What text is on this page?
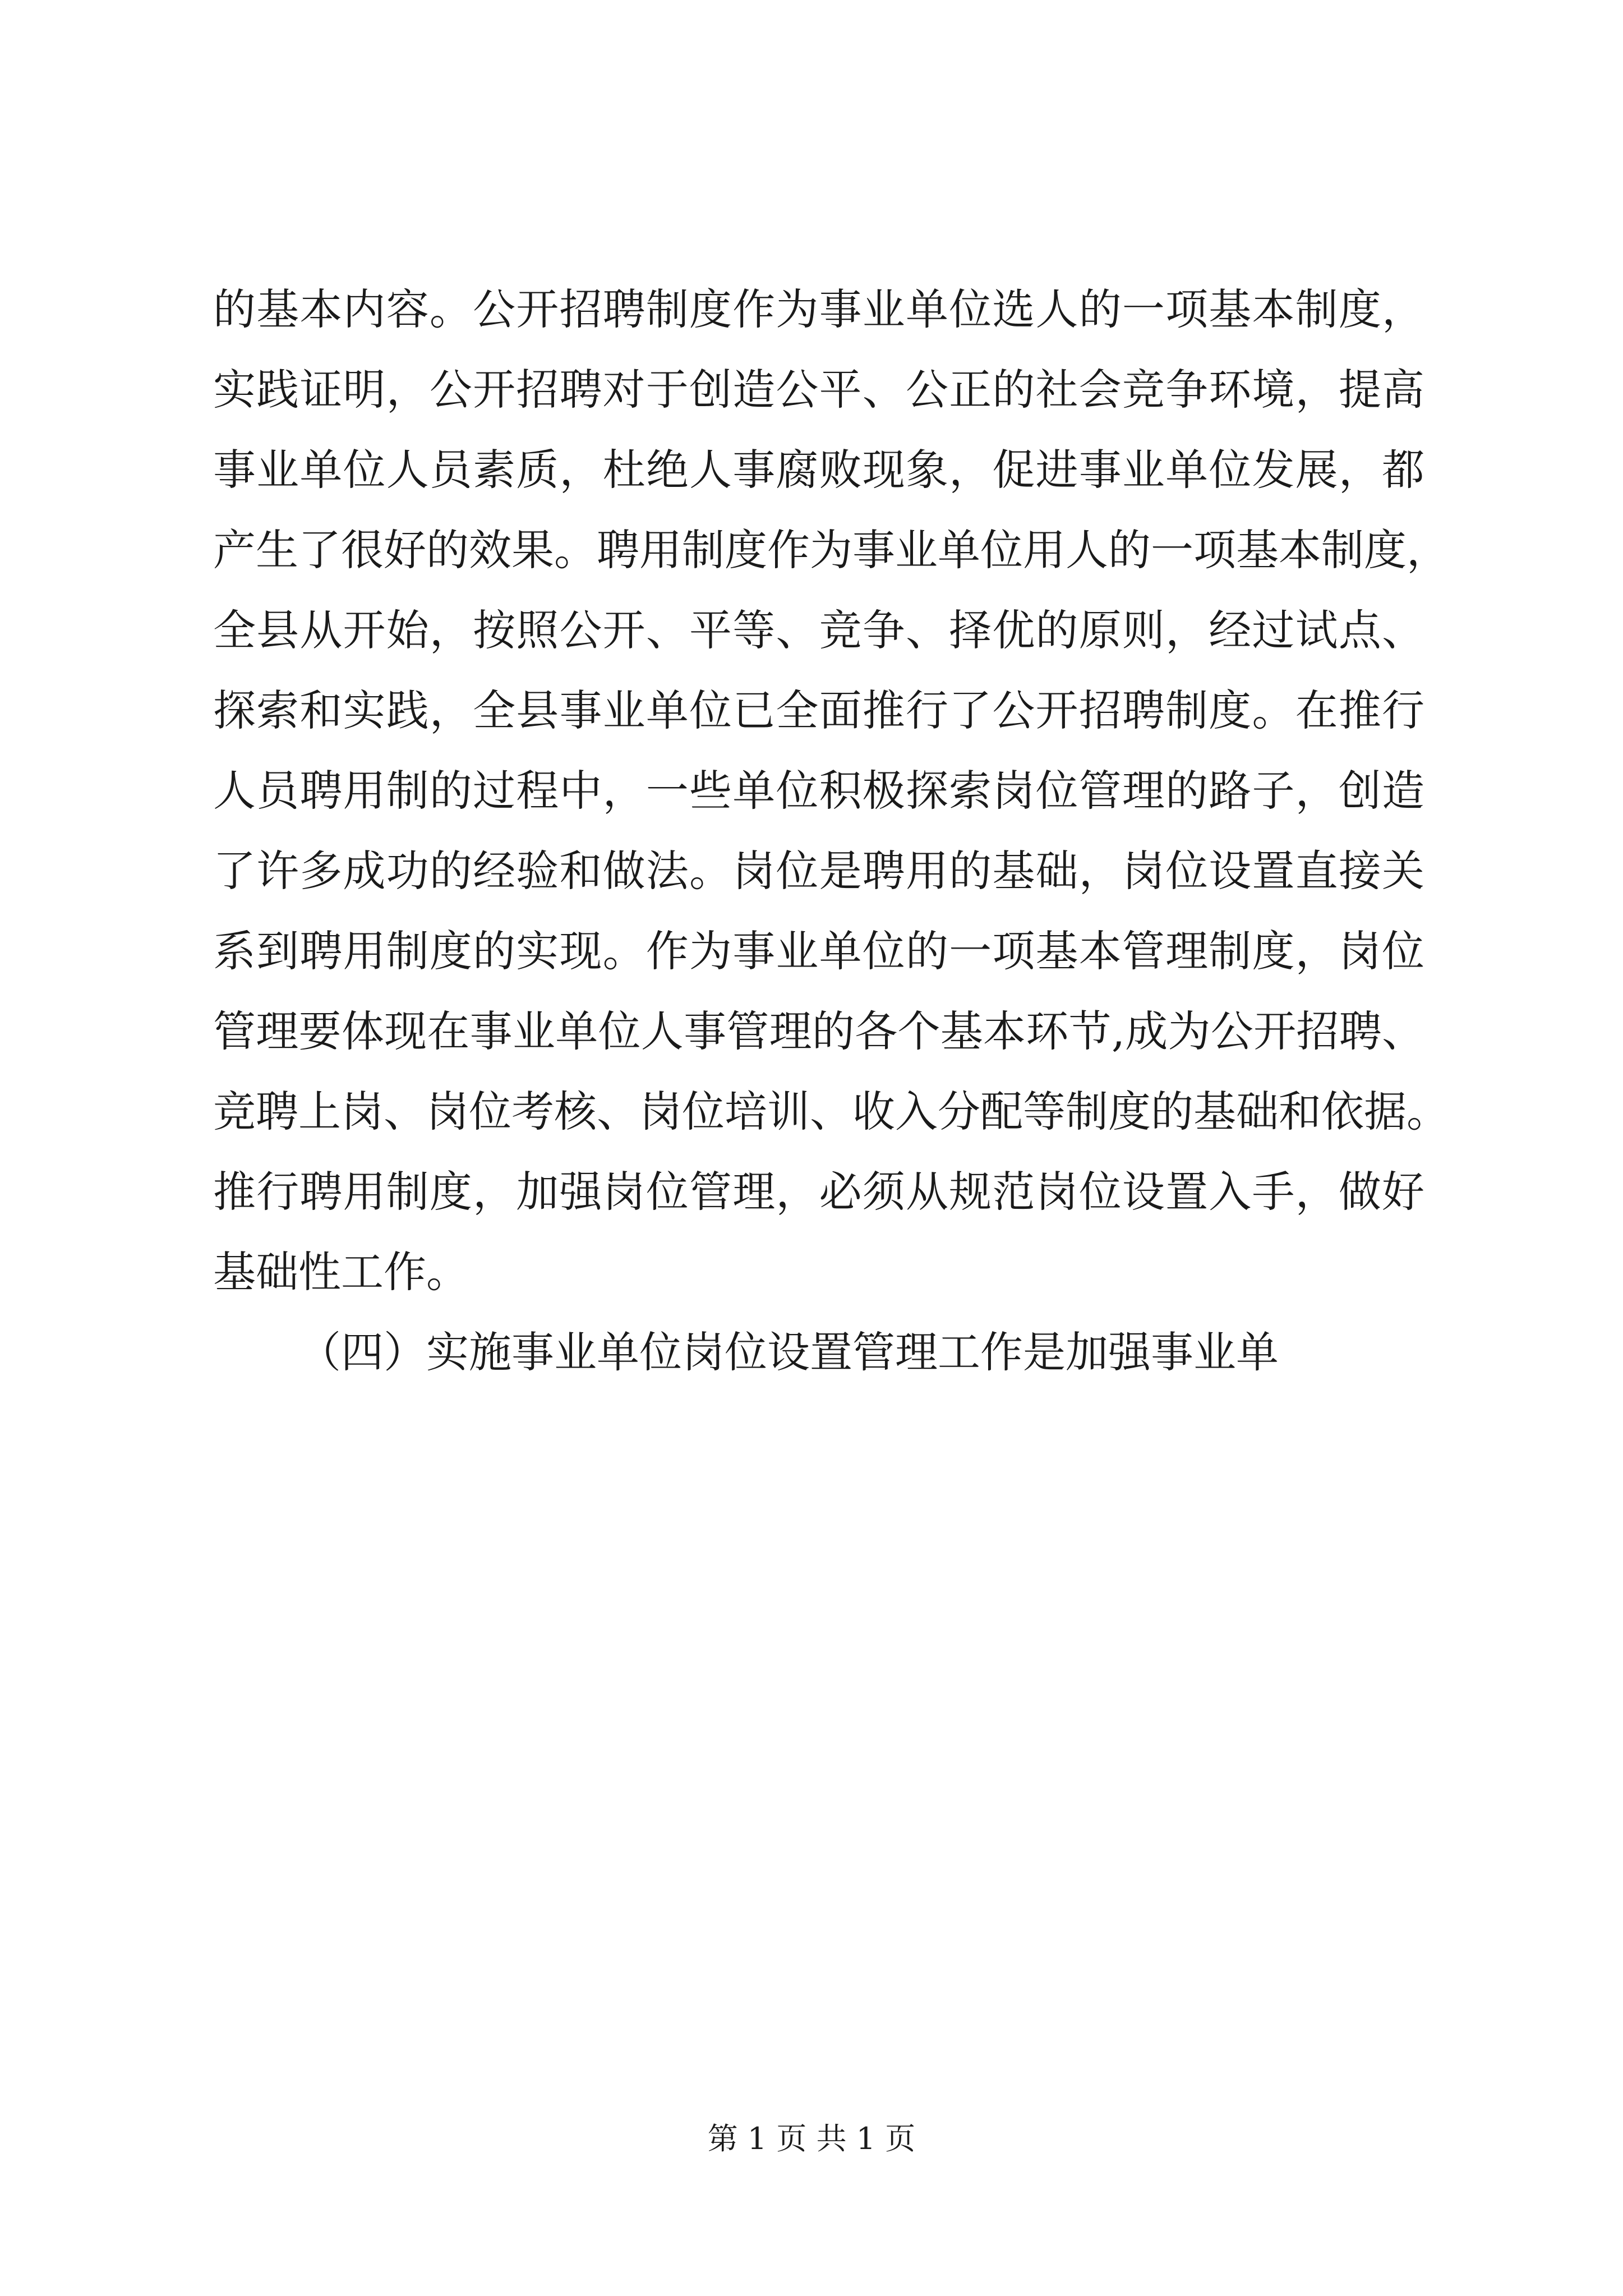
的基本内容。公开招聘制度作为事业单位选人的一项基本制度，
实践证明，公开招聘对于创造公平、公正的社会竞争环境，提高
事业单位人员素质，杜绝人事腐败现象，促进事业单位发展，都
产生了很好的效果。聘用制度作为事业单位用人的一项基本制度，
全县从开始，按照公开、平等、竞争、择优的原则，经过试点、
探索和实践，全县事业单位已全面推行了公开招聘制度。在推行
人员聘用制的过程中，一些单位积极探索岗位管理的路子，创造
了许多成功的经验和做法。岗位是聘用的基础，岗位设置直接关
系到聘用制度的实现。作为事业单位的一项基本管理制度，岗位
管理要体现在事业单位人事管理的各个基本环节,成为公开招聘、
竞聘上岗、岗位考核、岗位培训、收入分配等制度的基础和依据。
推行聘用制度，加强岗位管理，必须从规范岗位设置入手，做好
基础性工作。
（四）实施事业单位岗位设置管理工作是加强事业单
第 1 页 共 1 页
